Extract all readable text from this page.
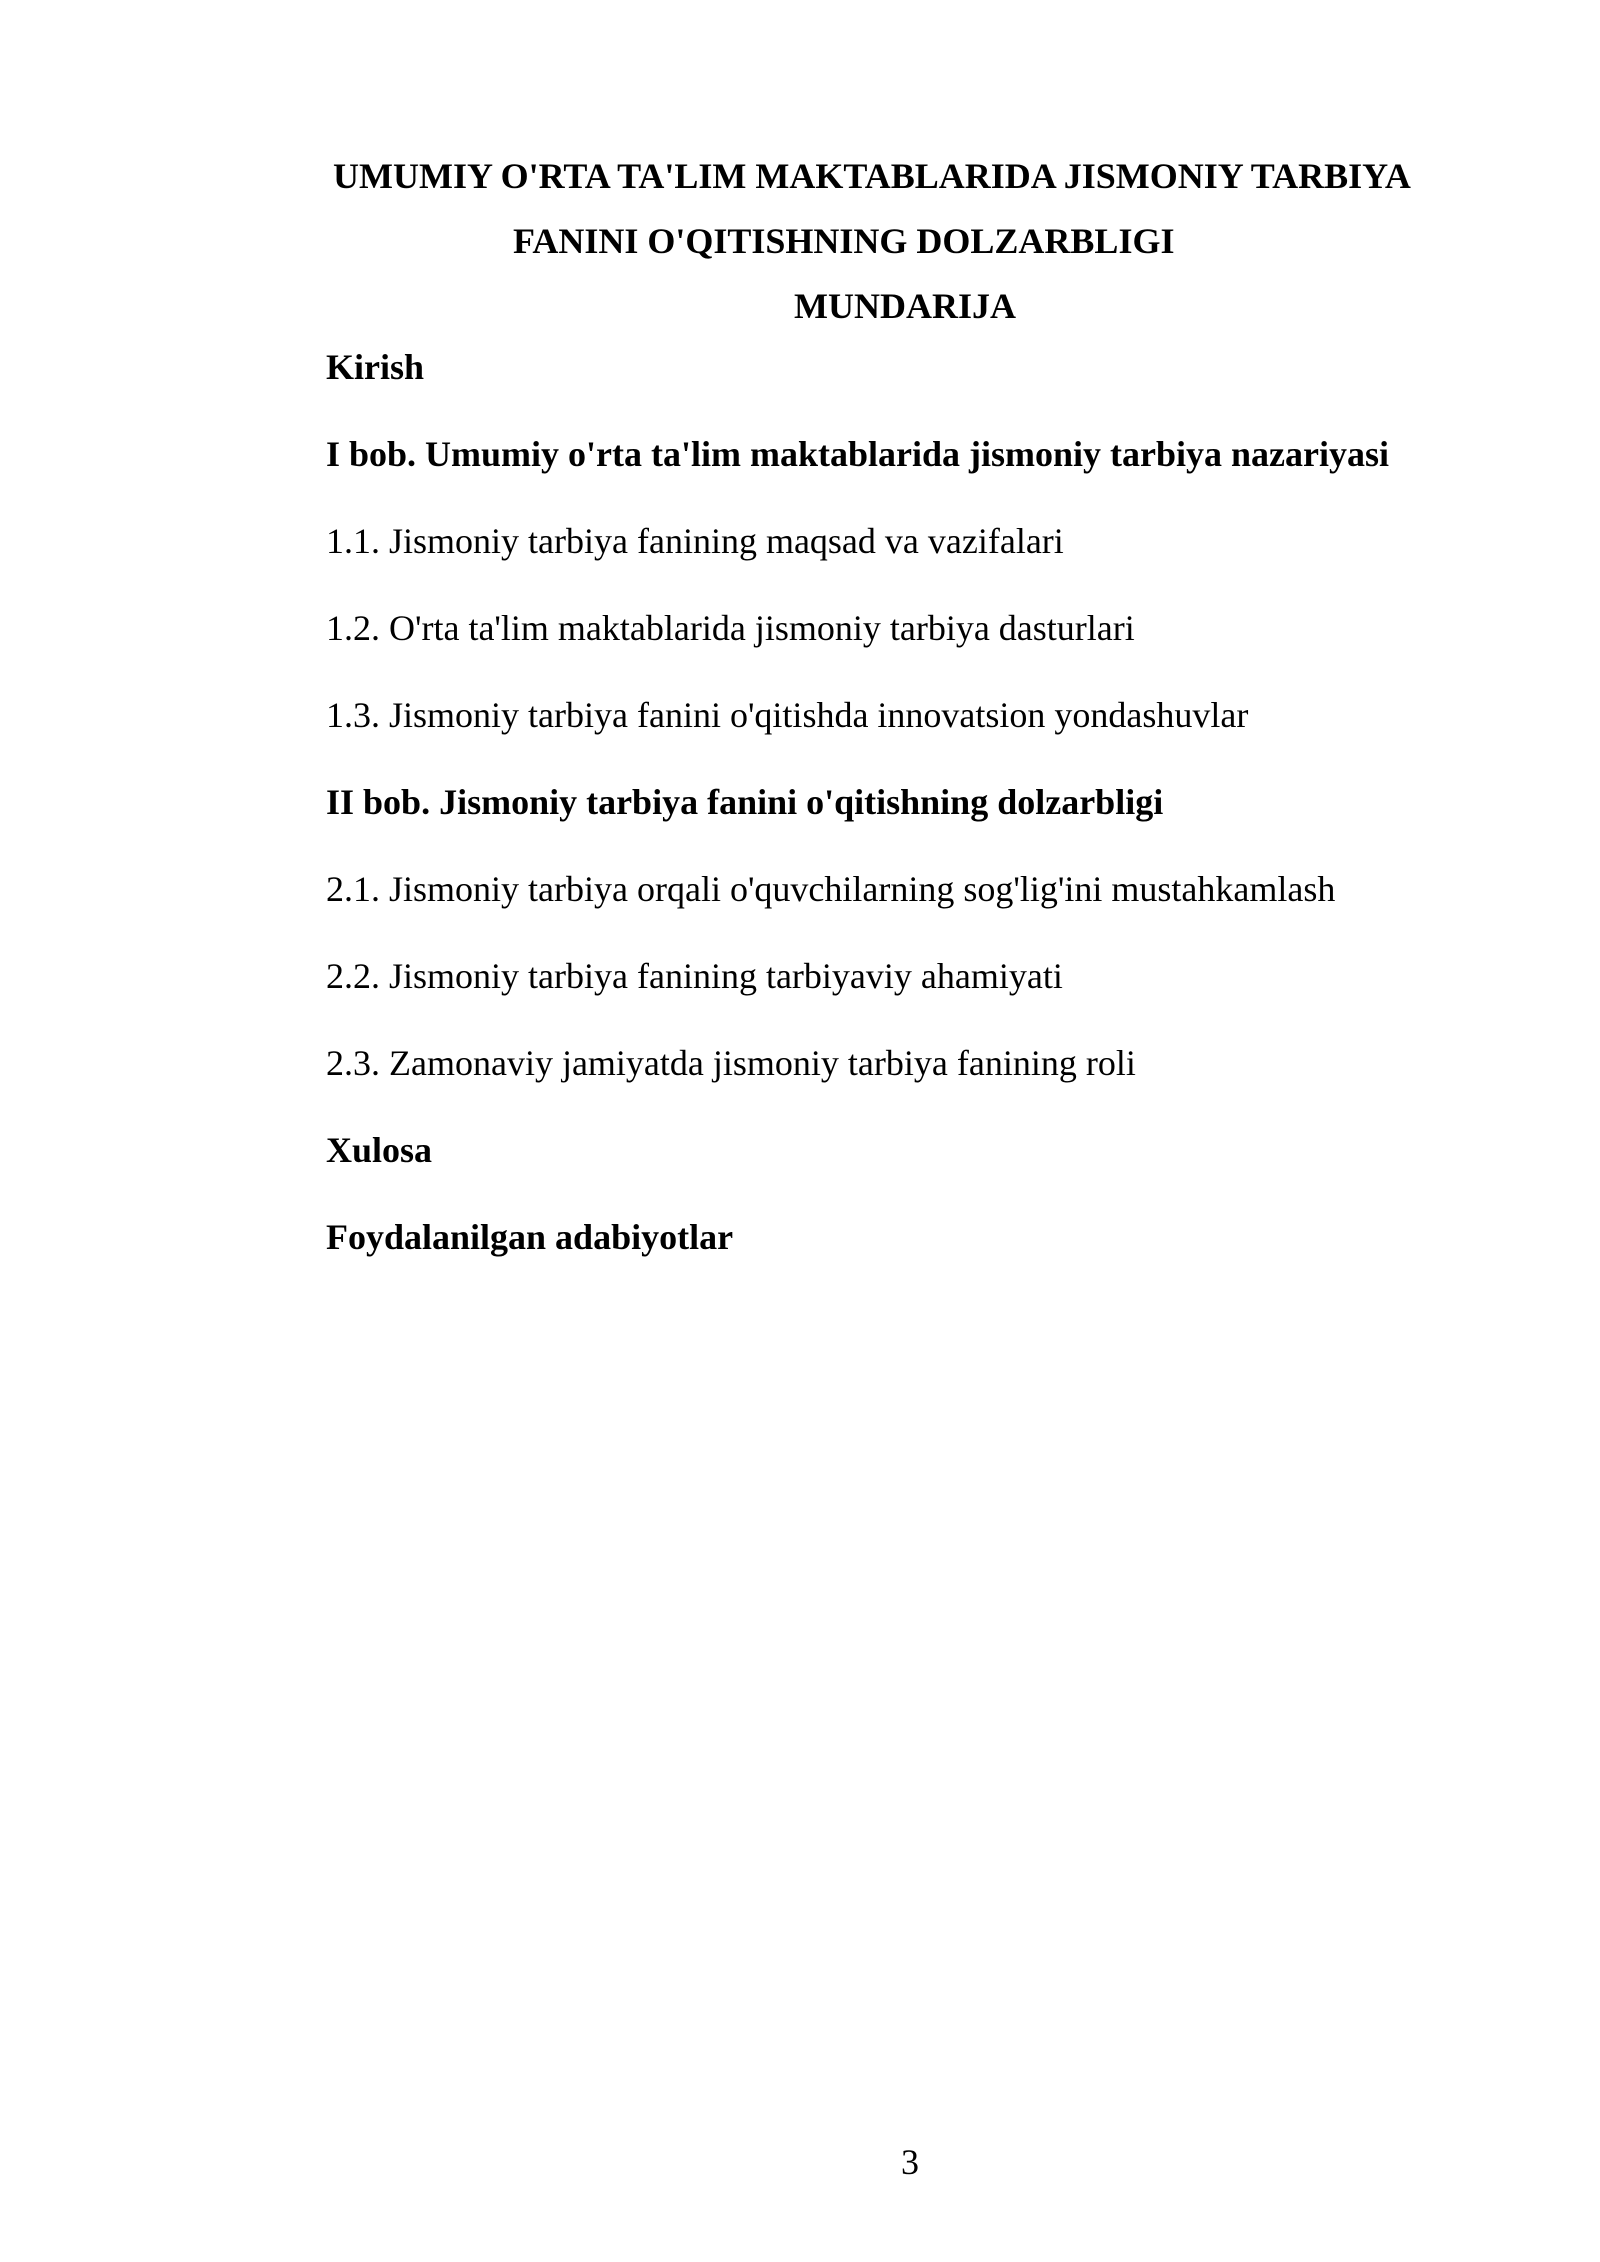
UMUMIY O'RTA TA'LIM MAKTABLARIDA JISMONIY TARBIYA
FANINI O'QITISHNING DOLZARBLIGI
MUNDARIJA
Kirish
I bob. Umumiy o'rta ta'lim maktablarida jismoniy tarbiya nazariyasi
1.1. Jismoniy tarbiya fanining maqsad va vazifalari
1.2. O'rta ta'lim maktablarida jismoniy tarbiya dasturlari
1.3. Jismoniy tarbiya fanini o'qitishda innovatsion yondashuvlar
II bob. Jismoniy tarbiya fanini o'qitishning dolzarbligi
2.1. Jismoniy tarbiya orqali o'quvchilarning sog'lig'ini mustahkamlash
2.2. Jismoniy tarbiya fanining tarbiyaviy ahamiyati
2.3. Zamonaviy jamiyatda jismoniy tarbiya fanining roli
Xulosa
Foydalanilgan adabiyotlar
3
